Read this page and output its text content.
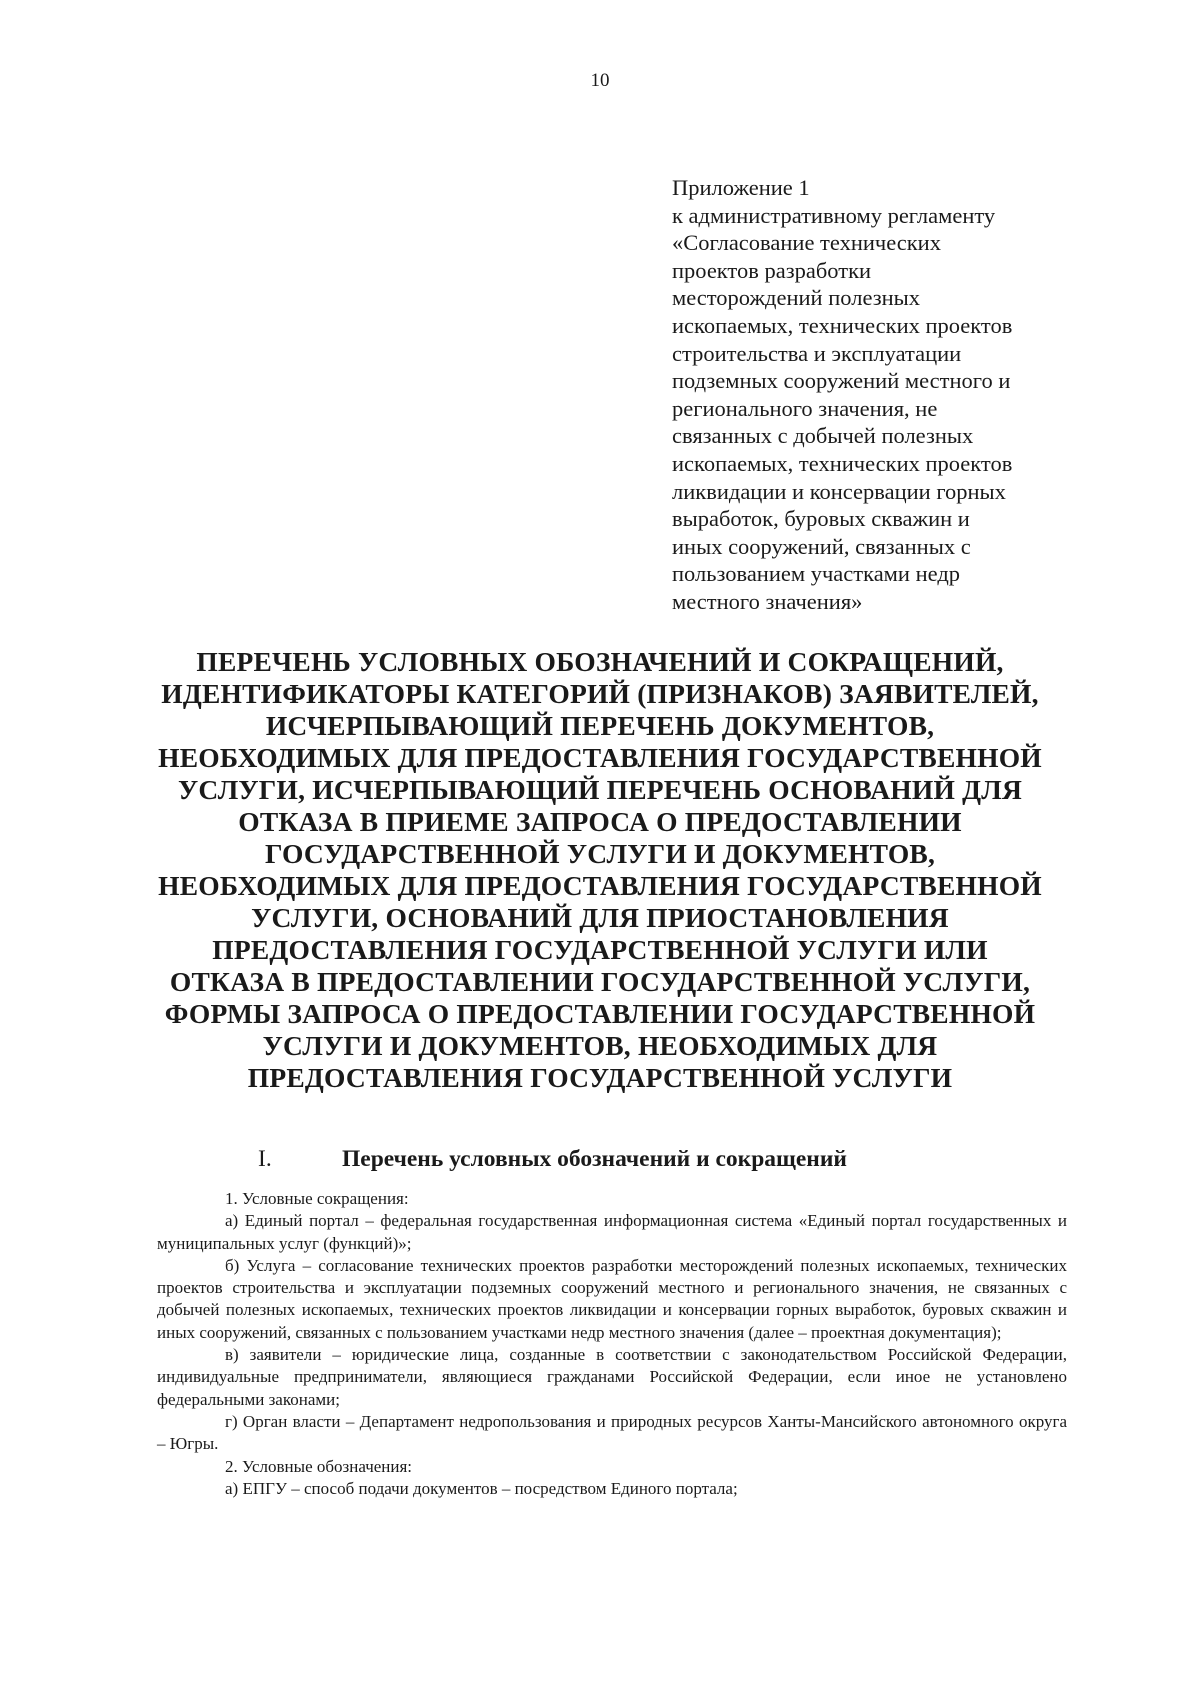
10
Приложение 1
к административному регламенту
«Согласование технических
проектов разработки
месторождений полезных
ископаемых, технических проектов
строительства и эксплуатации
подземных сооружений местного и
регионального значения, не
связанных с добычей полезных
ископаемых, технических проектов
ликвидации и консервации горных
выработок, буровых скважин и
иных сооружений, связанных с
пользованием участками недр
местного значения»
ПЕРЕЧЕНЬ УСЛОВНЫХ ОБОЗНАЧЕНИЙ И СОКРАЩЕНИЙ,
ИДЕНТИФИКАТОРЫ КАТЕГОРИЙ (ПРИЗНАКОВ) ЗАЯВИТЕЛЕЙ,
ИСЧЕРПЫВАЮЩИЙ ПЕРЕЧЕНЬ ДОКУМЕНТОВ,
НЕОБХОДИМЫХ ДЛЯ ПРЕДОСТАВЛЕНИЯ ГОСУДАРСТВЕННОЙ
УСЛУГИ, ИСЧЕРПЫВАЮЩИЙ ПЕРЕЧЕНЬ ОСНОВАНИЙ ДЛЯ
ОТКАЗА В ПРИЕМЕ ЗАПРОСА О ПРЕДОСТАВЛЕНИИ
ГОСУДАРСТВЕННОЙ УСЛУГИ И ДОКУМЕНТОВ,
НЕОБХОДИМЫХ ДЛЯ ПРЕДОСТАВЛЕНИЯ ГОСУДАРСТВЕННОЙ
УСЛУГИ, ОСНОВАНИЙ ДЛЯ ПРИОСТАНОВЛЕНИЯ
ПРЕДОСТАВЛЕНИЯ ГОСУДАРСТВЕННОЙ УСЛУГИ ИЛИ
ОТКАЗА В ПРЕДОСТАВЛЕНИИ ГОСУДАРСТВЕННОЙ УСЛУГИ,
ФОРМЫ ЗАПРОСА О ПРЕДОСТАВЛЕНИИ ГОСУДАРСТВЕННОЙ
УСЛУГИ И ДОКУМЕНТОВ, НЕОБХОДИМЫХ ДЛЯ
ПРЕДОСТАВЛЕНИЯ ГОСУДАРСТВЕННОЙ УСЛУГИ
I.	Перечень условных обозначений и сокращений

1. Условные сокращения:

а) Единый портал – федеральная государственная информационная система «Единый портал государственных и муниципальных услуг (функций)»;

б) Услуга – согласование технических проектов разработки месторождений полезных ископаемых, технических проектов строительства и эксплуатации подземных сооружений местного и регионального значения, не связанных с добычей полезных ископаемых, технических проектов ликвидации и консервации горных выработок, буровых скважин и иных сооружений, связанных с пользованием участками недр местного значения (далее – проектная документация);

в) заявители – юридические лица, созданные в соответствии с законодательством Российской Федерации, индивидуальные предприниматели, являющиеся гражданами Российской Федерации, если иное не установлено федеральными законами;

г) Орган власти – Департамент недропользования и природных ресурсов Ханты-Мансийского автономного округа – Югры.

2. Условные обозначения:

а) ЕПГУ – способ подачи документов – посредством Единого портала;
